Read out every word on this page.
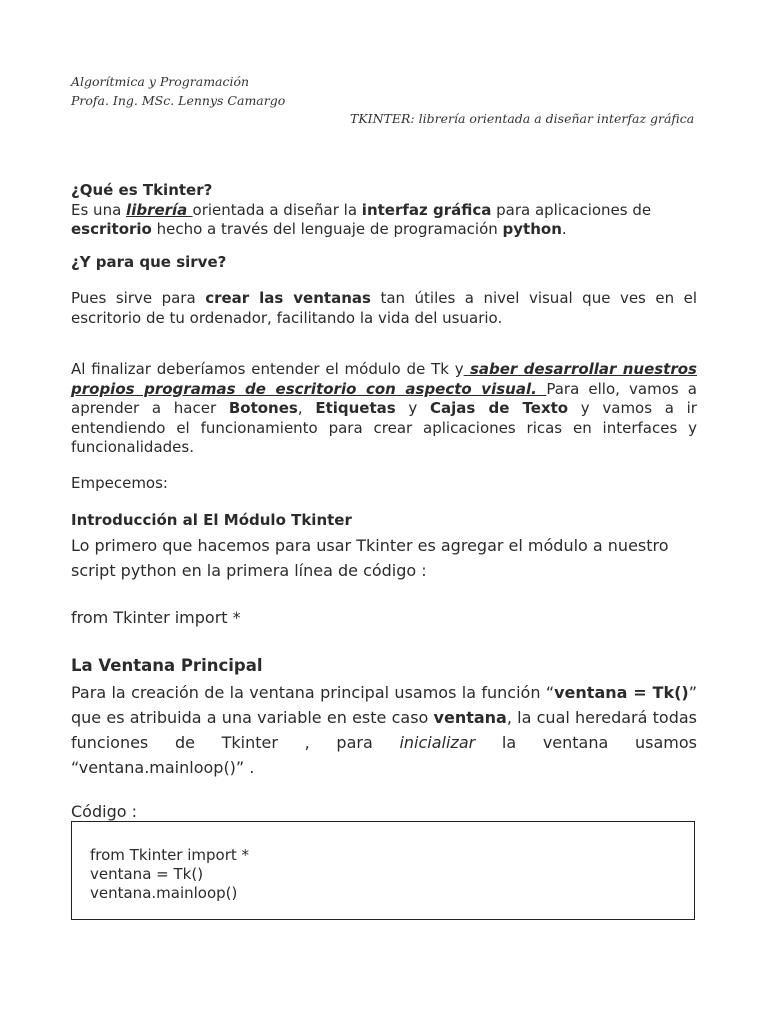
Algorítmica y Programación
Profa. Ing. MSc. Lennys Camargo
TKINTER: librería orientada a diseñar interfaz gráfica

¿Qué es Tkinter?

Es una librería orientada a diseñar la interfaz gráfica para aplicaciones de escritorio hecho a través del lenguaje de programación python.

¿Y para que sirve?

Pues sirve para crear las ventanas tan útiles a nivel visual que ves en el escritorio de tu ordenador, facilitando la vida del usuario.

Al finalizar deberíamos entender el módulo de Tk y saber desarrollar nuestros propios programas de escritorio con aspecto visual. Para ello, vamos a aprender a hacer Botones, Etiquetas y Cajas de Texto y vamos a ir entendiendo el funcionamiento para crear aplicaciones ricas en interfaces y funcionalidades.

Empecemos:

Introducción al El Módulo Tkinter

Lo primero que hacemos para usar Tkinter es agregar el módulo a nuestro script python en la primera línea de código :

from Tkinter import *

La Ventana Principal

Para la creación de la ventana principal usamos la función “ventana = Tk()” que es atribuida a una variable en este caso ventana, la cual heredará todas funciones de Tkinter , para inicializar la ventana usamos

“ventana.mainloop()” .

Código :

from Tkinter import *
ventana = Tk()
ventana.mainloop()
